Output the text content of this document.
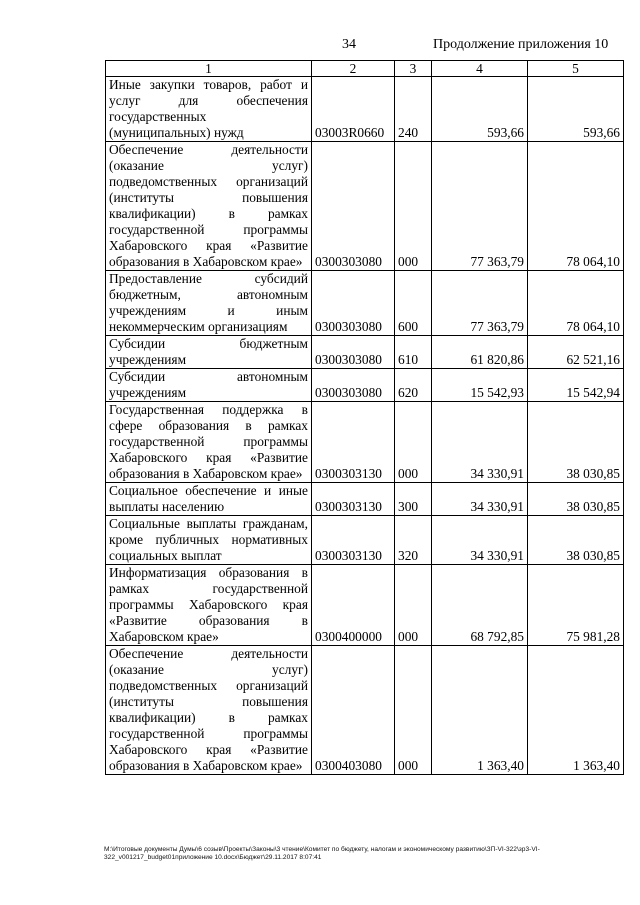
34	Продолжение приложения 10
1	2	3	4	5
Иные закупки товаров, работ и услуг для обеспечения государственных (муниципальных) нужд	03003R0660	240	593,66	593,66
Обеспечение деятельности (оказание услуг) подведомственных организаций (институты повышения квалификации) в рамках государственной программы Хабаровского края «Развитие образования в Хабаровском крае»	0300303080	000	77 363,79	78 064,10
Предоставление субсидий бюджетным, автономным учреждениям и иным некоммерческим организациям	0300303080	600	77 363,79	78 064,10
Субсидии бюджетным учреждениям	0300303080	610	61 820,86	62 521,16
Субсидии автономным учреждениям	0300303080	620	15 542,93	15 542,94
Государственная поддержка в сфере образования в рамках государственной программы Хабаровского края «Развитие образования в Хабаровском крае»	0300303130	000	34 330,91	38 030,85
Социальное обеспечение и иные выплаты населению	0300303130	300	34 330,91	38 030,85
Социальные выплаты гражданам, кроме публичных нормативных социальных выплат	0300303130	320	34 330,91	38 030,85
Информатизация образования в рамках государственной программы Хабаровского края «Развитие образования в Хабаровском крае»	0300400000	000	68 792,85	75 981,28
Обеспечение деятельности (оказание услуг) подведомственных организаций (институты повышения квалификации) в рамках государственной программы Хабаровского края «Развитие образования в Хабаровском крае»	0300403080	000	1 363,40	1 363,40
M:\Итоговые документы Думы\6 созыв\Проекты\Законы\3 чтение\Комитет по бюджету, налогам и экономическому развитию\ЗП-VI-322\зр3-VI-322_v001217_budget01приложение 10.docx\Бюджет\29.11.2017 8:07:41
